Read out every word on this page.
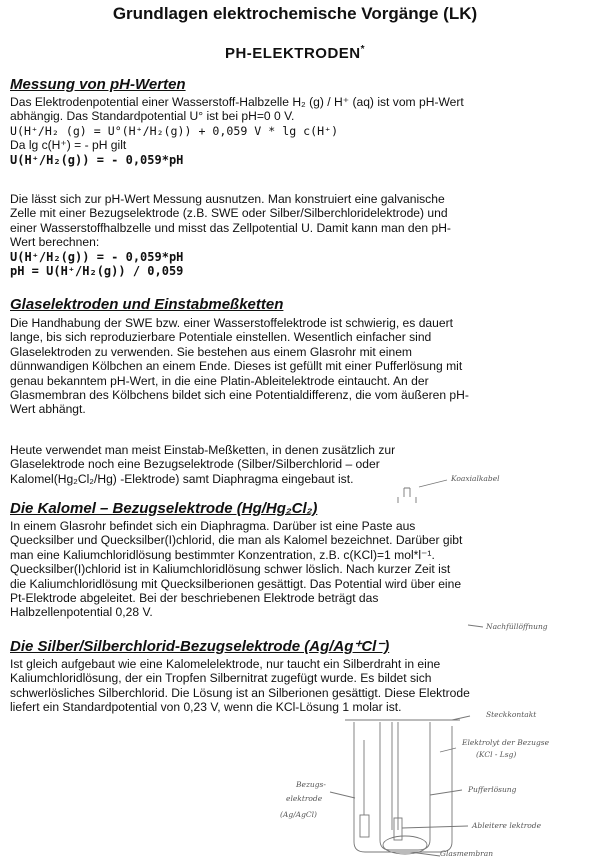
Grundlagen elektrochemische Vorgänge (LK)
PH-ELEKTRODEN*
Messung von pH-Werten
Das Elektrodenpotential einer Wasserstoff-Halbzelle H₂ (g) / H⁺ (aq) ist vom pH-Wert
abhängig. Das Standardpotential U° ist bei pH=0 0 V.
U(H⁺/H₂ (g) = U°(H⁺/H₂(g)) + 0,059 V * lg c(H⁺)
Da lg c(H⁺) = - pH gilt
U(H⁺/H₂(g)) = - 0,059*pH
Die lässt sich zur pH-Wert Messung ausnutzen. Man konstruiert eine galvanische
Zelle mit einer Bezugselektrode (z.B. SWE oder Silber/Silberchloridelektrode) und
einer Wasserstoffhalbzelle und misst das Zellpotential U. Damit kann man den pH-
Wert berechnen:
U(H⁺/H₂(g)) = - 0,059*pH
pH = U(H⁺/H₂(g)) / 0,059
Glaselektroden und Einstabmeßketten
Die Handhabung der SWE bzw. einer Wasserstoffelektrode ist schwierig, es dauert
lange, bis sich reproduzierbare Potentiale einstellen. Wesentlich einfacher sind
Glaselektroden zu verwenden. Sie bestehen aus einem Glasrohr mit einem
dünnwandigen Kölbchen an einem Ende. Dieses ist gefüllt mit einer Pufferlösung mit
genau bekanntem pH-Wert, in die eine Platin-Ableitelektrode eintaucht. An der
Glasmembran des Kölbchens bildet sich eine Potentialdifferenz, die vom äußeren pH-
Wert abhängt.
Heute verwendet man meist Einstab-Meßketten, in denen zusätzlich zur
Glaselektrode noch eine Bezugselektrode (Silber/Silberchlorid – oder
Kalomel(Hg₂Cl₂/Hg) -Elektrode) samt Diaphragma eingebaut ist.
Die Kalomel – Bezugselektrode (Hg/Hg₂Cl₂)
In einem Glasrohr befindet sich ein Diaphragma. Darüber ist eine Paste aus
Quecksilber und Quecksilber(I)chlorid, die man als Kalomel bezeichnet. Darüber gibt
man eine Kaliumchloridlösung bestimmter Konzentration, z.B. c(KCl)=1 mol*l⁻¹.
Quecksilber(I)chlorid ist in Kaliumchloridlösung schwer löslich. Nach kurzer Zeit ist
die Kaliumchloridlösung mit Quecksilberionen gesättigt. Das Potential wird über eine
Pt-Elektrode abgeleitet. Bei der beschriebenen Elektrode beträgt das
Halbzellenpotential 0,28 V.
Die Silber/Silberchlorid-Bezugselektrode (Ag/Ag⁺Cl⁻)
Ist gleich aufgebaut wie eine Kalomelelektrode, nur taucht ein Silberdraht in eine
Kaliumchloridlösung, der ein Tropfen Silbernitrat zugefügt wurde. Es bildet sich
schwerlösliches Silberchlorid. Die Lösung ist an Silberionen gesättigt. Diese Elektrode
liefert ein Standardpotential von 0,23 V, wenn die KCl-Lösung 1 molar ist.
Koaxialkabel
Nachfüllöffnung
Steckkontakt
Elektrolyt der Bezugse
(KCl - Lsg)
Pufferlösung
Bezugs-
elektrode
(Ag/AgCl)
Ableitere lektrode
Glasmembran
